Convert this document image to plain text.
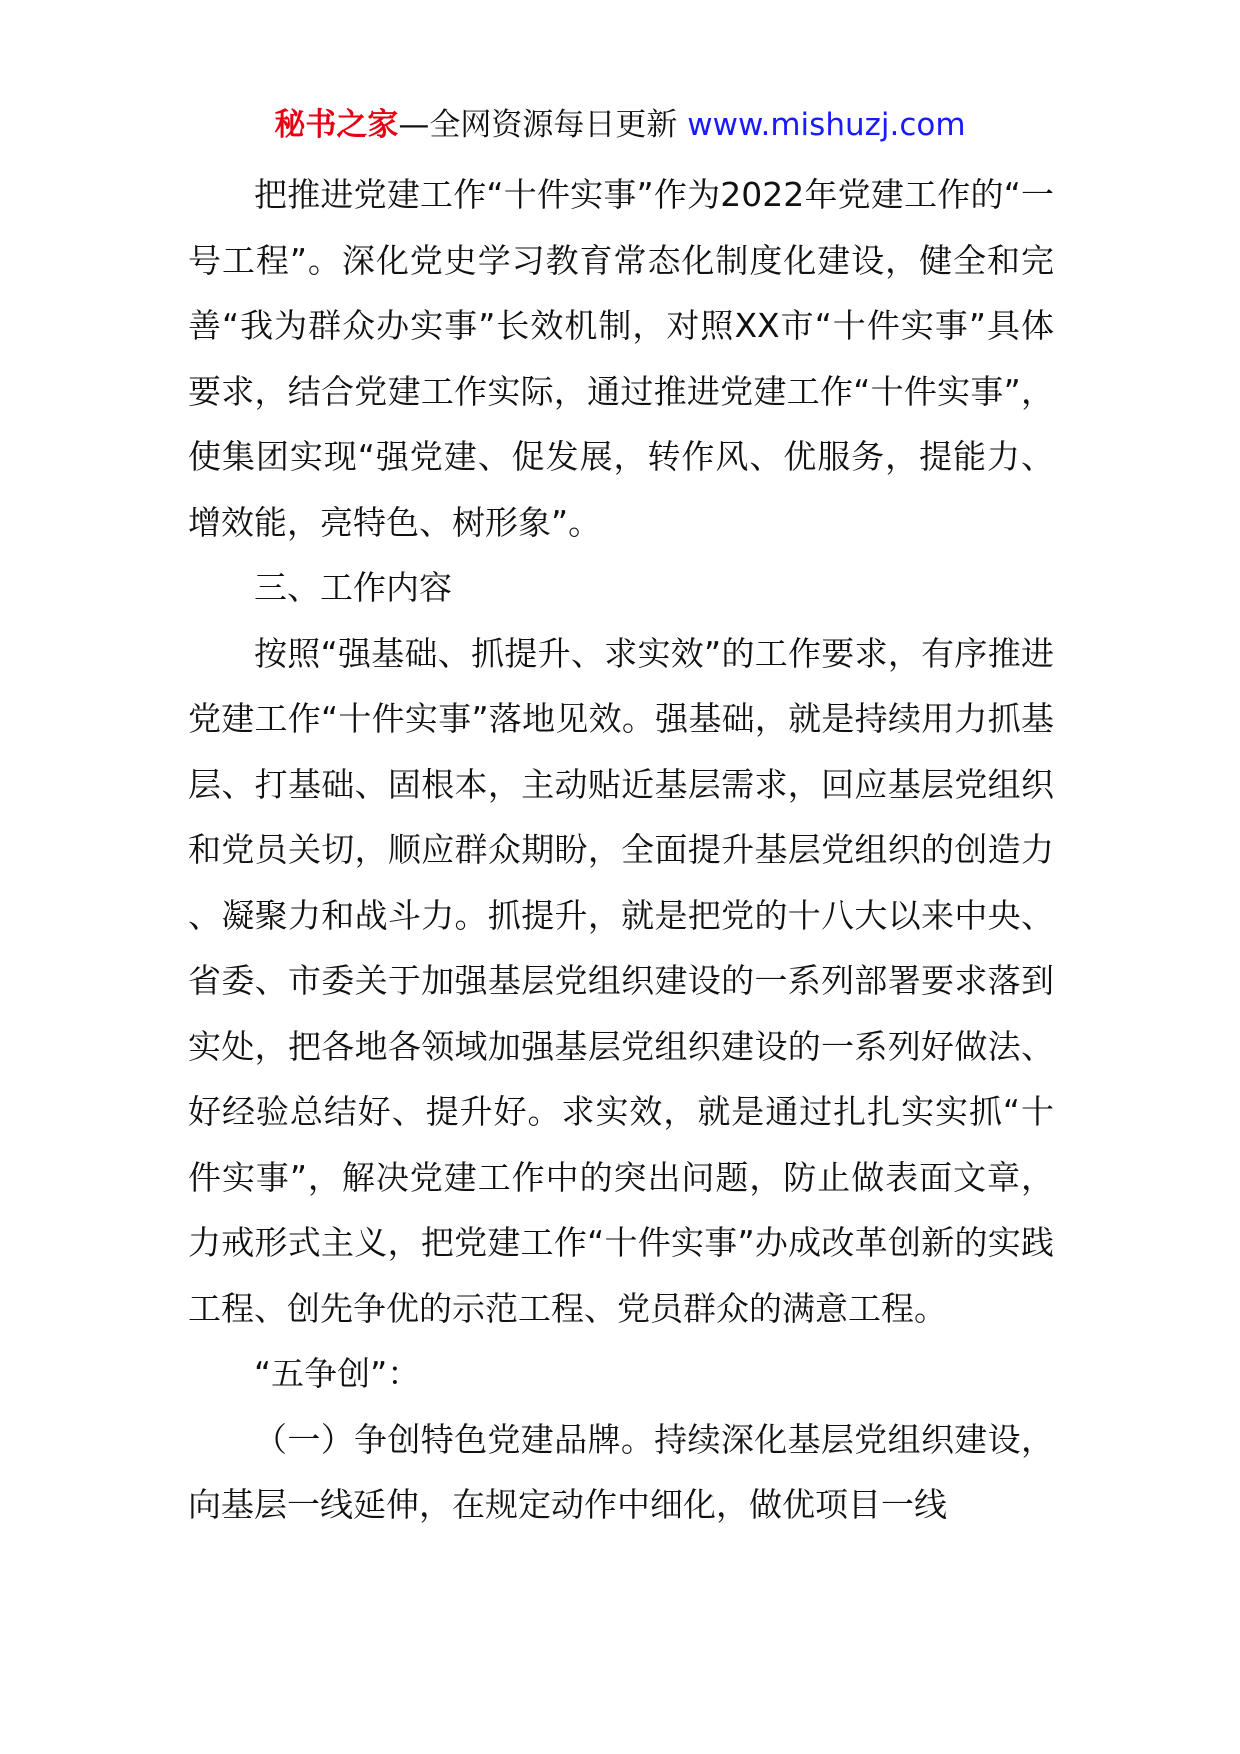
秘书之家—全网资源每日更新 www.mishuzj.com

把推进党建工作“十件实事”作为2022年党建工作的“一号工程”。深化党史学习教育常态化制度化建设，健全和完善“我为群众办实事”长效机制，对照XX市“十件实事”具体要求，结合党建工作实际，通过推进党建工作“十件实事”，使集团实现“强党建、促发展，转作风、优服务，提能力、增效能，亮特色、树形象”。

三、工作内容

按照“强基础、抓提升、求实效”的工作要求，有序推进党建工作“十件实事”落地见效。强基础，就是持续用力抓基层、打基础、固根本，主动贴近基层需求，回应基层党组织和党员关切，顺应群众期盼，全面提升基层党组织的创造力、凝聚力和战斗力。抓提升，就是把党的十八大以来中央、省委、市委关于加强基层党组织建设的一系列部署要求落到实处，把各地各领域加强基层党组织建设的一系列好做法、好经验总结好、提升好。求实效，就是通过扎扎实实抓“十件实事”，解决党建工作中的突出问题，防止做表面文章，力戒形式主义，把党建工作“十件实事”办成改革创新的实践工程、创先争优的示范工程、党员群众的满意工程。

“五争创”：

（一）争创特色党建品牌。持续深化基层党组织建设，向基层一线延伸，在规定动作中细化，做优项目一线
